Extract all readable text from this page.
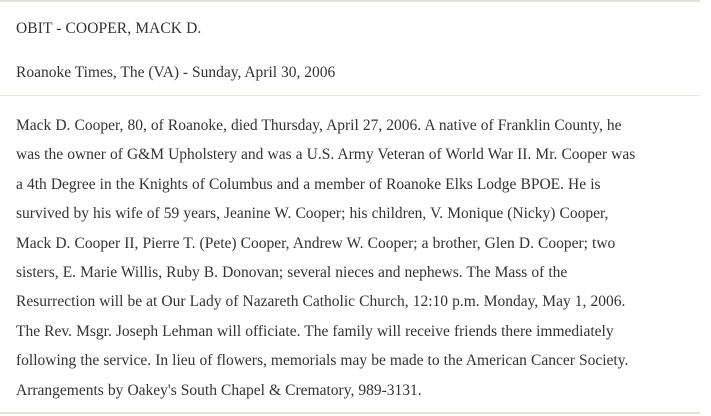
OBIT - COOPER, MACK D.
Roanoke Times, The (VA) - Sunday, April 30, 2006
Mack D. Cooper, 80, of Roanoke, died Thursday, April 27, 2006. A native of Franklin County, he
was the owner of G&M Upholstery and was a U.S. Army Veteran of World War II. Mr. Cooper was
a 4th Degree in the Knights of Columbus and a member of Roanoke Elks Lodge BPOE. He is
survived by his wife of 59 years, Jeanine W. Cooper; his children, V. Monique (Nicky) Cooper,
Mack D. Cooper II, Pierre T. (Pete) Cooper, Andrew W. Cooper; a brother, Glen D. Cooper; two
sisters, E. Marie Willis, Ruby B. Donovan; several nieces and nephews. The Mass of the
Resurrection will be at Our Lady of Nazareth Catholic Church, 12:10 p.m. Monday, May 1, 2006.
The Rev. Msgr. Joseph Lehman will officiate. The family will receive friends there immediately
following the service. In lieu of flowers, memorials may be made to the American Cancer Society.
Arrangements by Oakey's South Chapel & Crematory, 989-3131.
